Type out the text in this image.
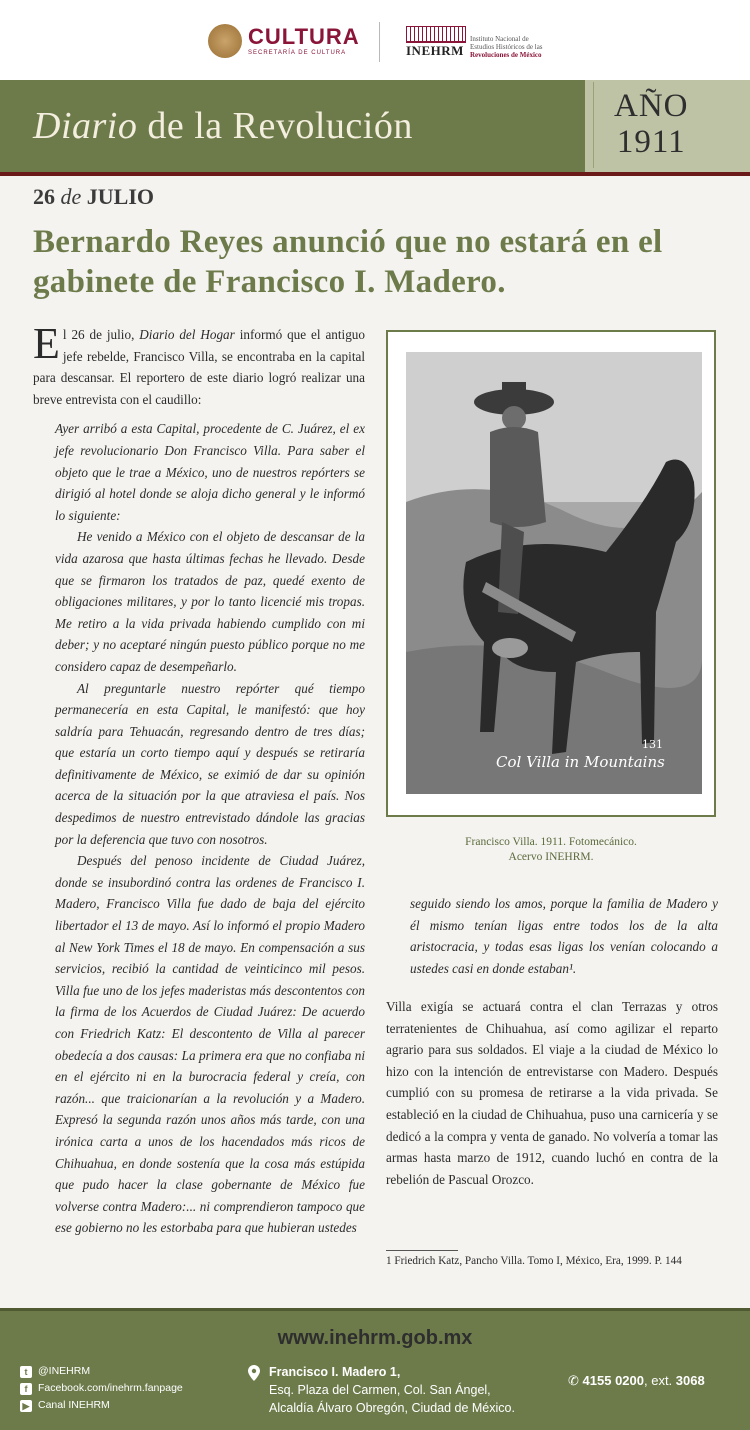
CULTURA
SECRETARÍA DE CULTURA	INEHRM
Instituto Nacional de
Estudios Históricos de las
Revoluciones de México
Diario de la Revolución	AÑO
1911
26 de JULIO
Bernardo Reyes anunció que no estará en el gabinete de Francisco I. Madero.

El 26 de julio, Diario del Hogar informó que el antiguo jefe rebelde, Francisco Villa, se encontraba en la capital para descansar. El reportero de este diario logró realizar una breve entrevista con el caudillo:

Ayer arribó a esta Capital, procedente de C. Juárez, el ex jefe revolucionario Don Francisco Villa. Para saber el objeto que le trae a México, uno de nuestros repórters se dirigió al hotel donde se aloja dicho general y le informó lo siguiente:

He venido a México con el objeto de descansar de la vida azarosa que hasta últimas fechas he llevado. Desde que se firmaron los tratados de paz, quedé exento de obligaciones militares, y por lo tanto licencié mis tropas. Me retiro a la vida privada habiendo cumplido con mi deber; y no aceptaré ningún puesto público porque no me considero capaz de desempeñarlo.

Al preguntarle nuestro repórter qué tiempo permanecería en esta Capital, le manifestó: que hoy saldría para Tehuacán, regresando dentro de tres días; que estaría un corto tiempo aquí y después se retiraría definitivamente de México, se eximió de dar su opinión acerca de la situación por la que atraviesa el país. Nos despedimos de nuestro entrevistado dándole las gracias por la deferencia que tuvo con nosotros.

Después del penoso incidente de Ciudad Juárez, donde se insubordinó contra las ordenes de Francisco I. Madero, Francisco Villa fue dado de baja del ejército libertador el 13 de mayo. Así lo informó el propio Madero al New York Times el 18 de mayo. En compensación a sus servicios, recibió la cantidad de veinticinco mil pesos. Villa fue uno de los jefes maderistas más descontentos con la firma de los Acuerdos de Ciudad Juárez: De acuerdo con Friedrich Katz: El descontento de Villa al parecer obedecía a dos causas: La primera era que no confiaba ni en el ejército ni en la burocracia federal y creía, con razón... que traicionarían a la revolución y a Madero. Expresó la segunda razón unos años más tarde, con una irónica carta a unos de los hacendados más ricos de Chihuahua, en donde sostenía que la cosa más estúpida que pudo hacer la clase gobernante de México fue volverse contra Madero:... ni comprendieron tampoco que ese gobierno no les estorbaba para que hubieran ustedes

Col Villa in Mountains
131
Francisco Villa. 1911. Fotomecánico.
Acervo INEHRM.

seguido siendo los amos, porque la familia de Madero y él mismo tenían ligas entre todos los de la alta aristocracia, y todas esas ligas los venían colocando a ustedes casi en donde estaban¹.

Villa exigía se actuará contra el clan Terrazas y otros terratenientes de Chihuahua, así como agilizar el reparto agrario para sus soldados. El viaje a la ciudad de México lo hizo con la intención de entrevistarse con Madero. Después cumplió con su promesa de retirarse a la vida privada. Se estableció en la ciudad de Chihuahua, puso una carnicería y se dedicó a la compra y venta de ganado. No volvería a tomar las armas hasta marzo de 1912, cuando luchó en contra de la rebelión de Pascual Orozco.

1 Friedrich Katz, Pancho Villa. Tomo I, México, Era, 1999. P. 144
www.inehrm.gob.mx
t	@INEHRM
f	Facebook.com/inehrm.fanpage
▶ Canal INEHRM
Francisco I. Madero 1,
Esq. Plaza del Carmen, Col. San Ángel,
Alcaldía Álvaro Obregón, Ciudad de México.
✆ 4155 0200, ext. 3068
